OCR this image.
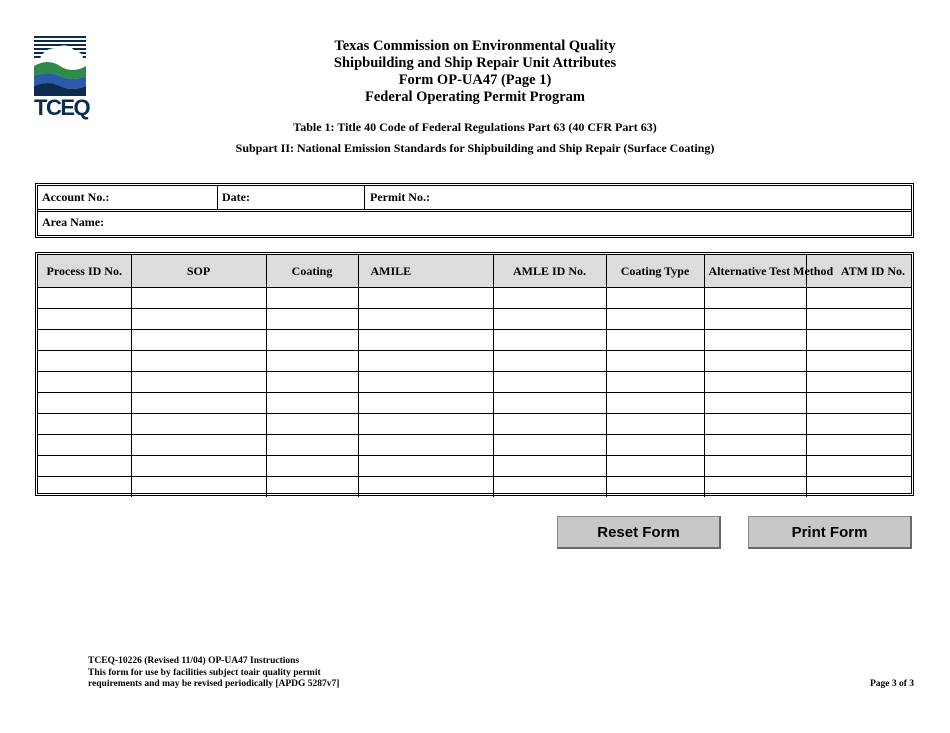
TCEQ
Texas Commission on Environmental Quality
Shipbuilding and Ship Repair Unit Attributes
Form OP-UA47 (Page 1)
Federal Operating Permit Program
Table 1: Title 40 Code of Federal Regulations Part 63 (40 CFR Part 63)
Subpart II: National Emission Standards for Shipbuilding and Ship Repair (Surface Coating)
Account No.:	Date:	Permit No.:
Area Name:
Process ID No.	SOP	Coating	AMILE	AMLE ID No.	Coating Type	Alternative Test Method	ATM ID No.

Reset Form	Print Form
TCEQ-10226 (Revised 11/04) OP-UA47 Instructions
This form for use by facilities subject toair quality permit
requirements and may be revised periodically [APDG 5287v7]	Page 3 of 3
